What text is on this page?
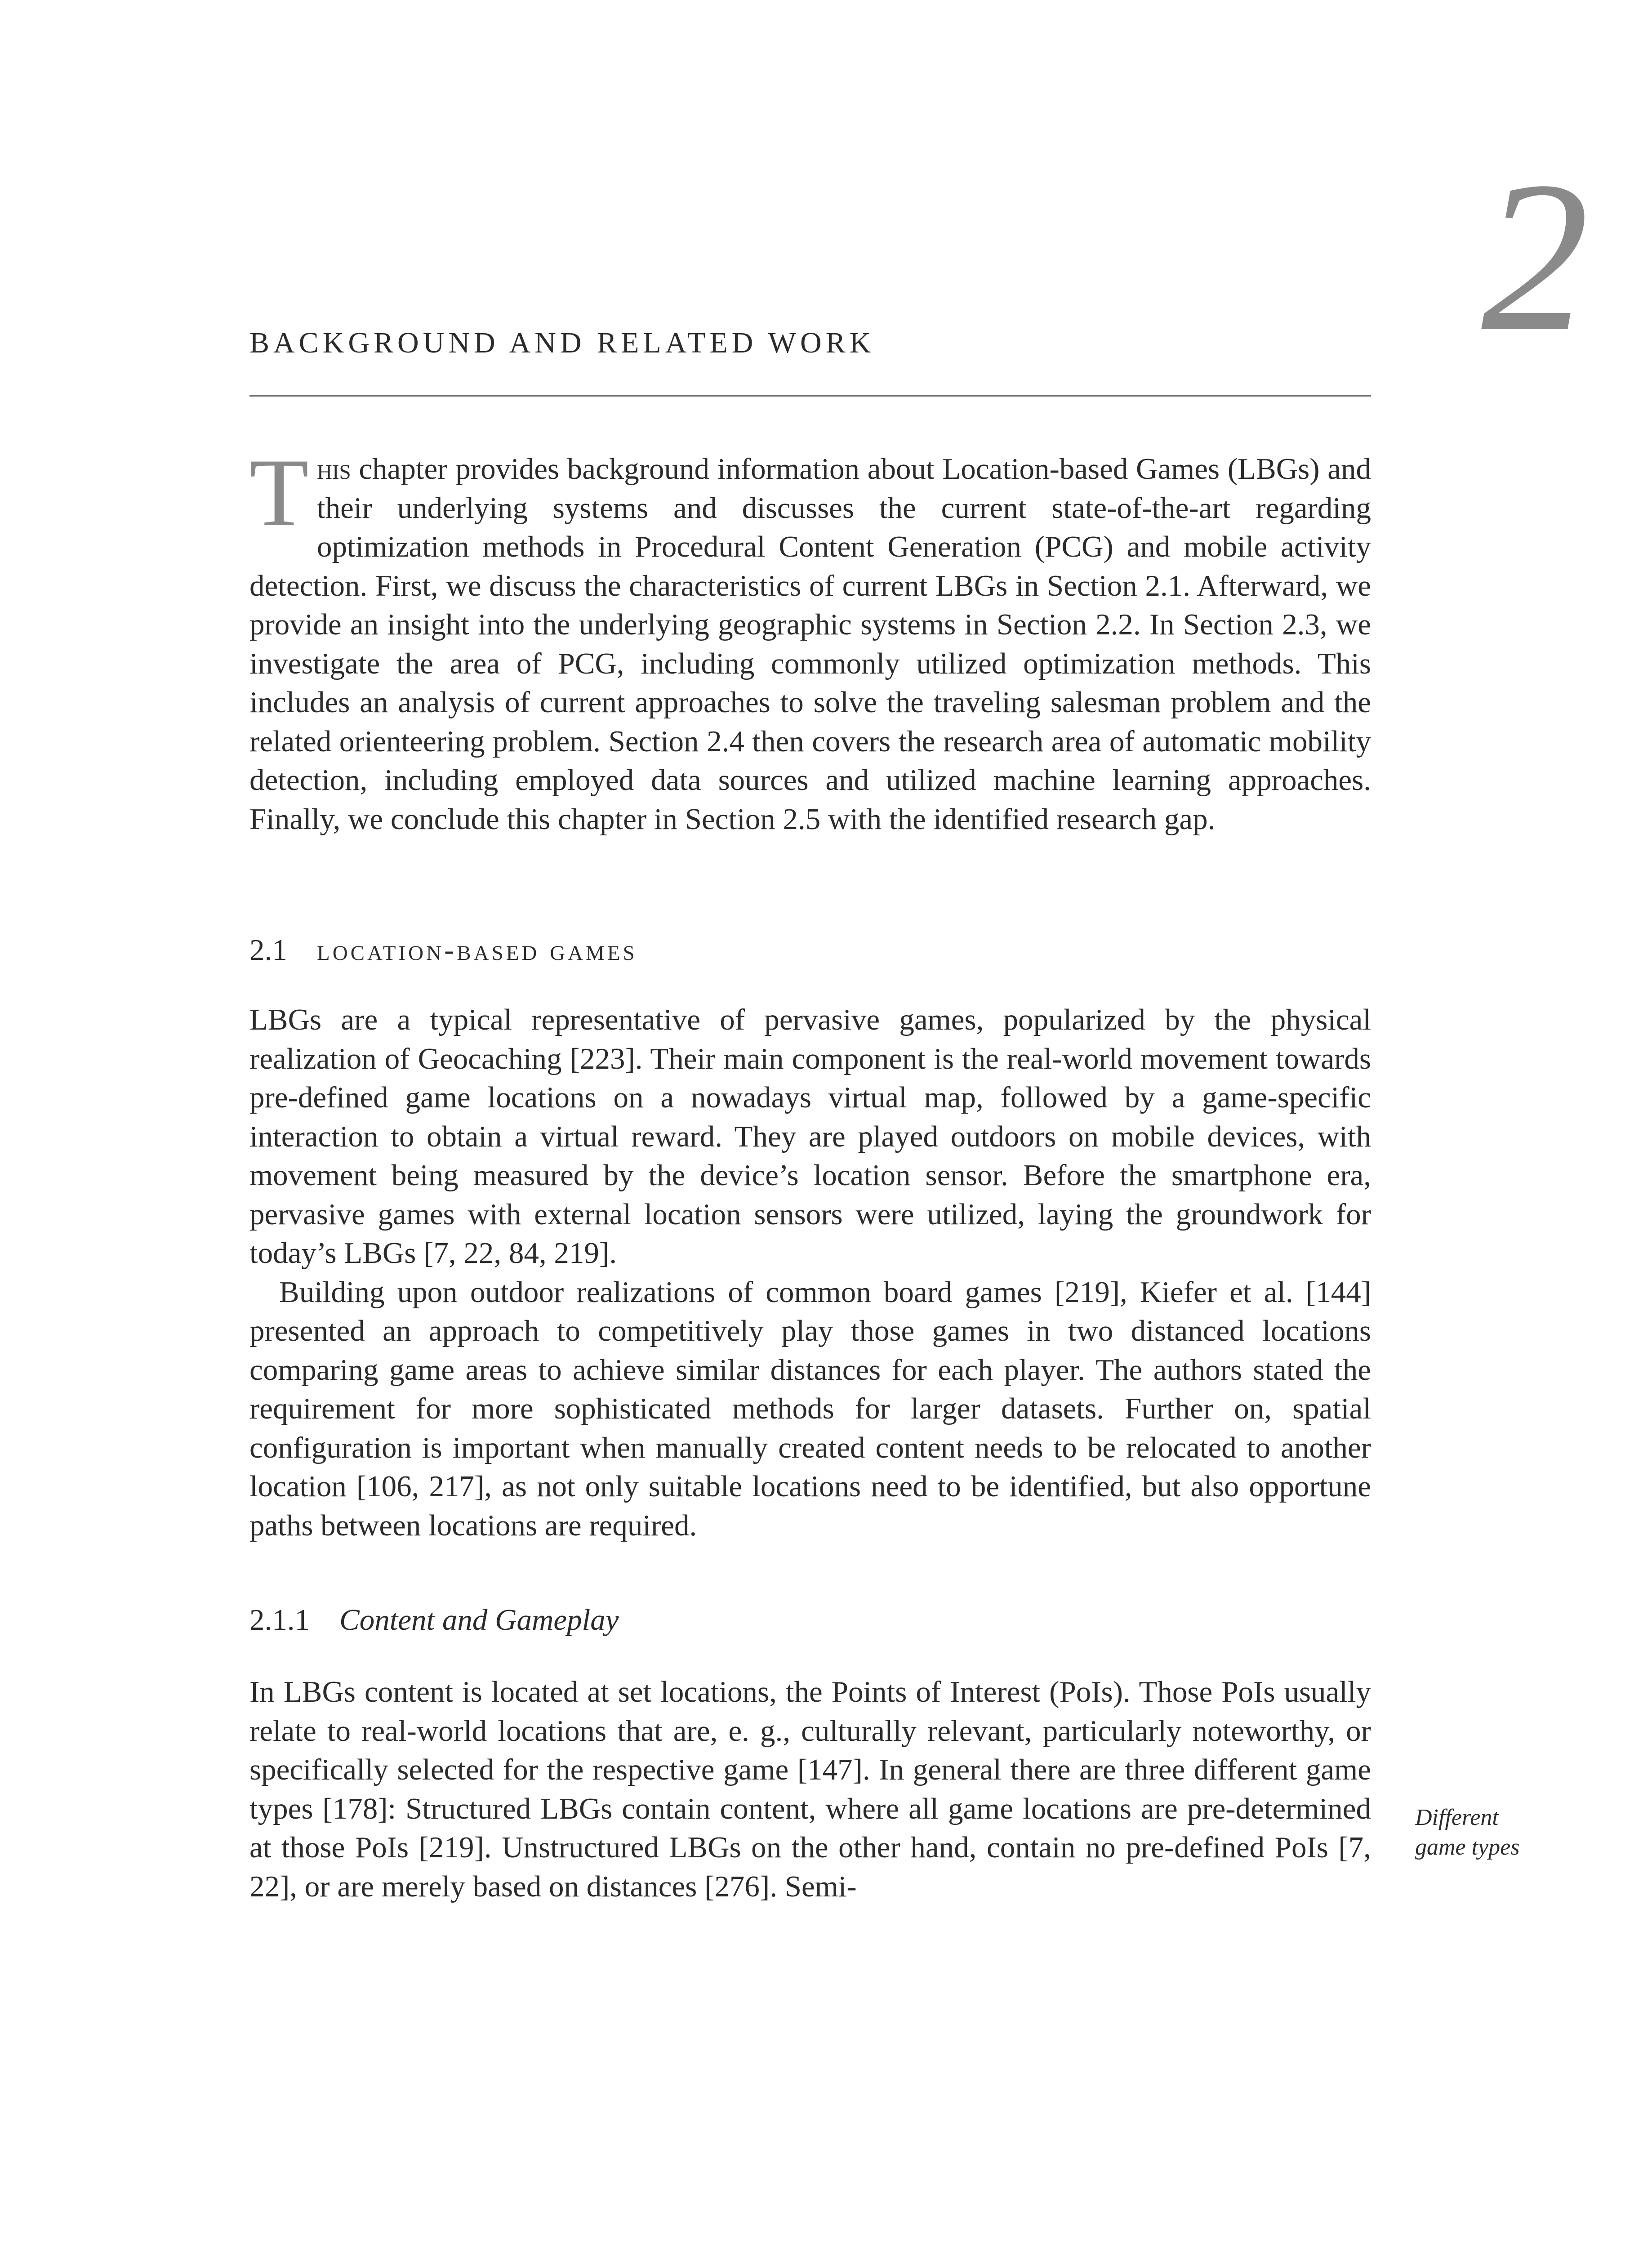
2
BACKGROUND AND RELATED WORK

This chapter provides background information about Location-based Games (LBGs) and their underlying systems and discusses the current state-of-the-art regarding optimization methods in Procedural Content Generation (PCG) and mobile activity detection. First, we discuss the characteristics of current LBGs in Section 2.1. Afterward, we provide an insight into the underlying geographic systems in Section 2.2. In Section 2.3, we investigate the area of PCG, including commonly utilized optimization methods. This includes an analysis of current approaches to solve the traveling salesman problem and the related orienteering problem. Section 2.4 then covers the research area of automatic mobility detection, including employed data sources and utilized machine learning approaches. Finally, we conclude this chapter in Section 2.5 with the identified research gap.

2.1 location-based games

LBGs are a typical representative of pervasive games, popularized by the physical realization of Geocaching [223]. Their main component is the real-world movement towards pre-defined game locations on a nowadays virtual map, followed by a game-specific interaction to obtain a virtual reward. They are played outdoors on mobile devices, with movement being measured by the device’s location sensor. Before the smartphone era, pervasive games with external location sensors were utilized, laying the groundwork for today’s LBGs [7, 22, 84, 219].

Building upon outdoor realizations of common board games [219], Kiefer et al. [144] presented an approach to competitively play those games in two distanced locations comparing game areas to achieve similar distances for each player. The authors stated the requirement for more sophisticated methods for larger datasets. Further on, spatial configuration is important when manually created content needs to be relocated to another location [106, 217], as not only suitable locations need to be identified, but also opportune paths between locations are required.

2.1.1 Content and Gameplay

In LBGs content is located at set locations, the Points of Interest (PoIs). Those PoIs usually relate to real-world locations that are, e. g., culturally relevant, particularly noteworthy, or specifically selected for the respective game [147]. In general there are three different game types [178]: Structured LBGs contain content, where all game locations are pre-determined at those PoIs [219]. Unstructured LBGs on the other hand, contain no pre-defined PoIs [7, 22], or are merely based on distances [276]. Semi-

Different
game types
